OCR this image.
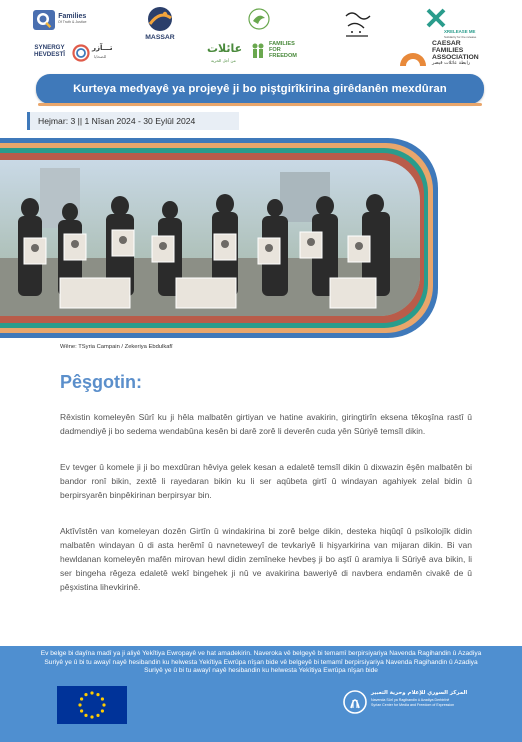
Families
Of Truth & Justice
SYNERGY
HEVDESTÎ
تـــآزر
للضحايا
MASSAR
عائلات
من أجل الحرية
FAMILIES
FOR
FREEDOM
XRELEASE ME
Solidarity for the release
CAESAR
FAMILIES
ASSOCIATION
رابطة عائلات قيصر
Kurteya medyayê ya projeyê ji bo piştgirîkirina girêdanên mexdûran
Hejmar: 3 || 1 Nîsan 2024 - 30 Eylûl 2024
Wêne: TSyria Campain / Zekeriya Ebdulkafî
Pêşgotin:

Rêxistin komeleyên Sûrî ku ji hêla malbatên girtiyan ve hatine avakirin, giringtirîn eksena têkoşîna rastî û dadmendiyê ji bo sedema wendabûna kesên bi darê zorê li deverên cuda yên Sûriyê temsîl dikin.

Ev tevger û komele ji ji bo mexdûran hêviya gelek kesan a edaletê temsîl dikin û dixwazin êşên malbatên bi bandor ronî bikin, zextê li rayedaran bikin ku li ser aqûbeta girtî û windayan agahiyek zelal bidin û berpirsyarên binpêkirinan berpirsyar bin.

Aktîvîstên van komeleyan dozên Girtîn û windakirina bi zorê belge dikin, desteka hiqûqî û psîkolojîk didin malbatên windayan û di asta herêmî û navneteweyî de tevkariyê li hişyarkirina van mijaran dikin. Bi van hewldanan komeleyên mafên mirovan hewl didin zemîneke hevbeş ji bo aştî û aramiya li Sûriyê ava bikin, li ser bingeha rêgeza edaletê wekî bingehek ji nû ve avakirina baweriyê di navbera endamên civakê de û pêşxistina lihevkirinê.

Ev belge bi dayîna madî ya ji aliyê Yekîtiya Ewropayê ve hat amadekirin. Naveroka vê belgeyê bi temamî berpirsiyariya Navenda Ragihandin û Azadiya Suriyê ye û bi tu awayî nayê hesibandin ku helwesta Yekîtiya Ewrûpa nîşan bide vê belgeyê bi temamî berpirsiyariya Navenda Ragihandin û Azadiya Suriyê ye û bi tu awayî nayê hesibandin ku helwesta Yekîtiya Ewrûpa nîşan bide
المركز السوري للإعلام وحرية التعبير
Navenda Sûrî ya Ragihandin û Azadiya Derbirînê
Syrian Center for Media and Freedom of Expression
